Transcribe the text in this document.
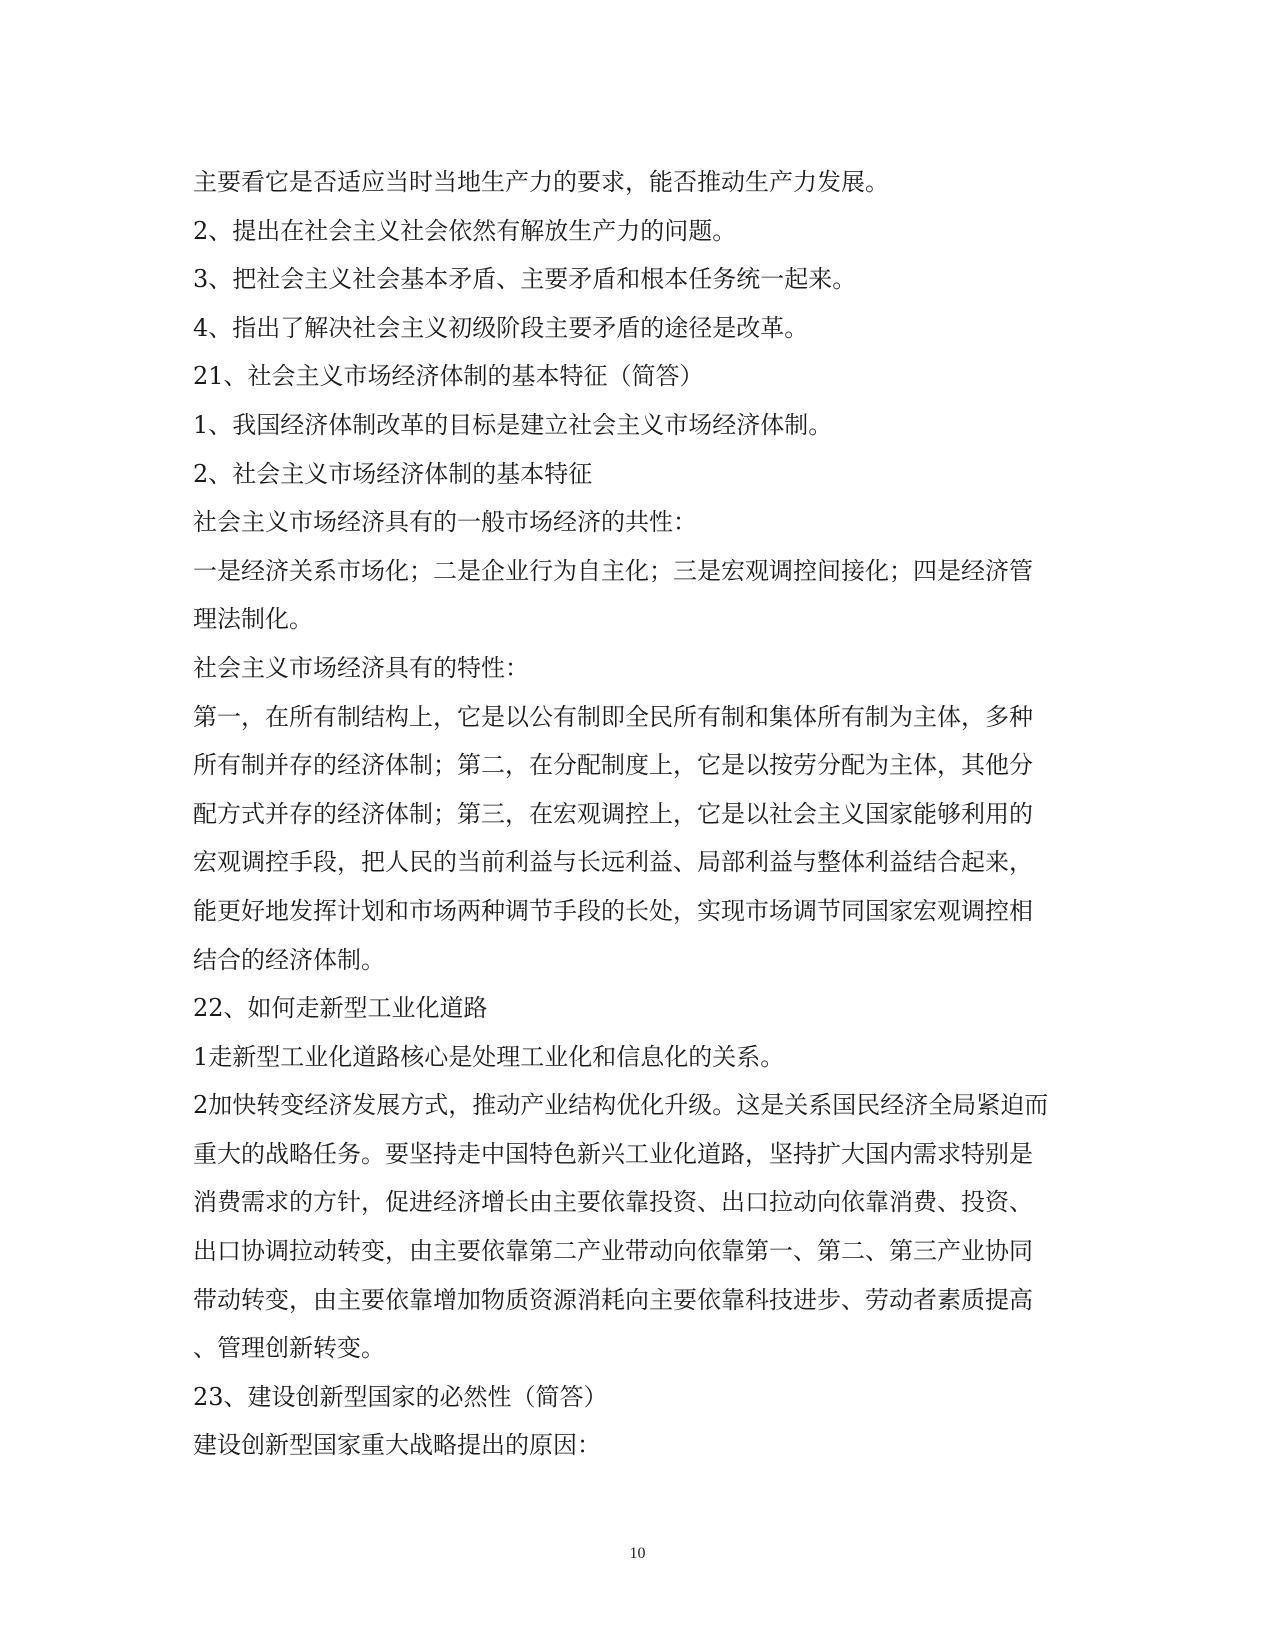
主要看它是否适应当时当地生产力的要求，能否推动生产力发展。
2、提出在社会主义社会依然有解放生产力的问题。
3、把社会主义社会基本矛盾、主要矛盾和根本任务统一起来。
4、指出了解决社会主义初级阶段主要矛盾的途径是改革。
21、社会主义市场经济体制的基本特征（简答）
1、我国经济体制改革的目标是建立社会主义市场经济体制。
2、社会主义市场经济体制的基本特征
社会主义市场经济具有的一般市场经济的共性：
一是经济关系市场化；二是企业行为自主化；三是宏观调控间接化；四是经济管
理法制化。
社会主义市场经济具有的特性：
第一，在所有制结构上，它是以公有制即全民所有制和集体所有制为主体，多种
所有制并存的经济体制；第二，在分配制度上，它是以按劳分配为主体，其他分
配方式并存的经济体制；第三，在宏观调控上，它是以社会主义国家能够利用的
宏观调控手段，把人民的当前利益与长远利益、局部利益与整体利益结合起来，
能更好地发挥计划和市场两种调节手段的长处，实现市场调节同国家宏观调控相
结合的经济体制。
22、如何走新型工业化道路
1走新型工业化道路核心是处理工业化和信息化的关系。
2加快转变经济发展方式，推动产业结构优化升级。这是关系国民经济全局紧迫而
重大的战略任务。要坚持走中国特色新兴工业化道路，坚持扩大国内需求特别是
消费需求的方针，促进经济增长由主要依靠投资、出口拉动向依靠消费、投资、
出口协调拉动转变，由主要依靠第二产业带动向依靠第一、第二、第三产业协同
带动转变，由主要依靠增加物质资源消耗向主要依靠科技进步、劳动者素质提高
、管理创新转变。
23、建设创新型国家的必然性（简答）
建设创新型国家重大战略提出的原因：
10
